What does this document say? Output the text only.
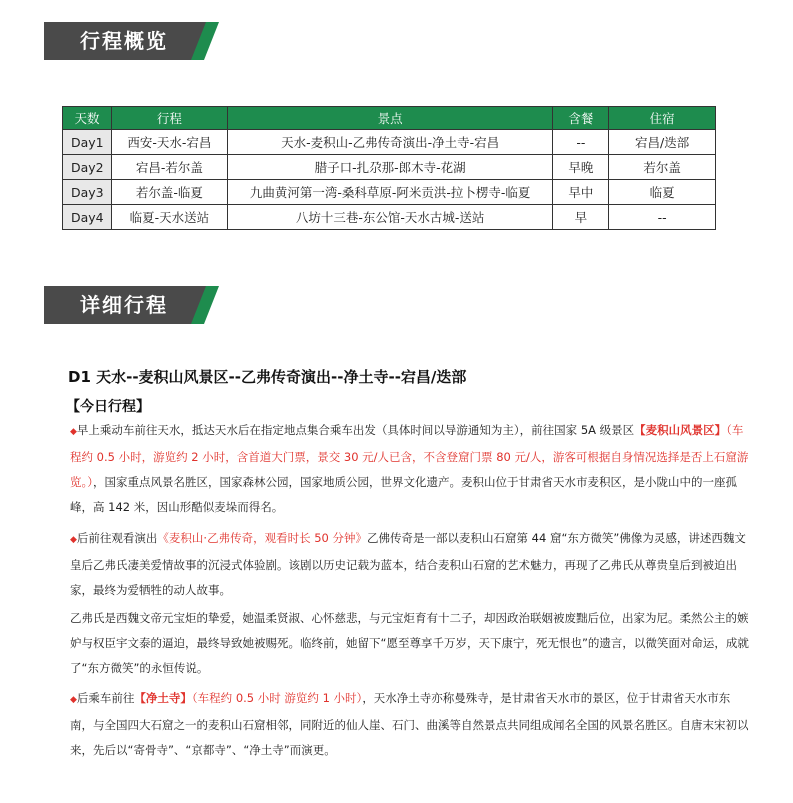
行程概览
天数	行程	景点	含餐	住宿
Day1	西安-天水-宕昌	天水-麦积山-乙弗传奇演出-净土寺-宕昌	--	宕昌/迭部
Day2	宕昌-若尔盖	腊子口-扎尕那-郎木寺-花湖	早晚	若尔盖
Day3	若尔盖-临夏	九曲黄河第一湾-桑科草原-阿米贡洪-拉卜楞寺-临夏	早中	临夏
Day4	临夏-天水送站	八坊十三巷-东公馆-天水古城-送站	早	--
详细行程
D1 天水--麦积山风景区--乙弗传奇演出--净土寺--宕昌/迭部
【今日行程】
◆早上乘动车前往天水，抵达天水后在指定地点集合乘车出发（具体时间以导游通知为主），前往国家 5A 级景区【麦积山风景区】（车程约 0.5 小时，游览约 2 小时，含首道大门票，景交 30 元/人已含，不含登窟门票 80 元/人，游客可根据自身情况选择是否上石窟游览。），国家重点风景名胜区，国家森林公园，国家地质公园，世界文化遗产。麦积山位于甘肃省天水市麦积区，是小陇山中的一座孤峰，高 142 米，因山形酷似麦垛而得名。
◆后前往观看演出《麦积山·乙弗传奇，观看时长 50 分钟》乙佛传奇是一部以麦积山石窟第 44 窟“东方微笑”佛像为灵感，讲述西魏文皇后乙弗氏凄美爱情故事的沉浸式体验剧。该剧以历史记载为蓝本，结合麦积山石窟的艺术魅力，再现了乙弗氏从尊贵皇后到被迫出家，最终为爱牺牲的动人故事。
乙弗氏是西魏文帝元宝炬的挚爱，她温柔贤淑、心怀慈悲，与元宝炬育有十二子，却因政治联姻被废黜后位，出家为尼。柔然公主的嫉妒与权臣宇文泰的逼迫，最终导致她被赐死。临终前，她留下“愿至尊享千万岁，天下康宁，死无恨也”的遗言，以微笑面对命运，成就了“东方微笑”的永恒传说。
◆后乘车前往【净土寺】（车程约 0.5 小时 游览约 1 小时），天水净土寺亦称曼殊寺，是甘肃省天水市的景区，位于甘肃省天水市东南，与全国四大石窟之一的麦积山石窟相邻，同附近的仙人崖、石门、曲溪等自然景点共同组成闻名全国的风景名胜区。自唐末宋初以来，先后以“寄骨寺”、“京都寺”、“净土寺”而演更。
